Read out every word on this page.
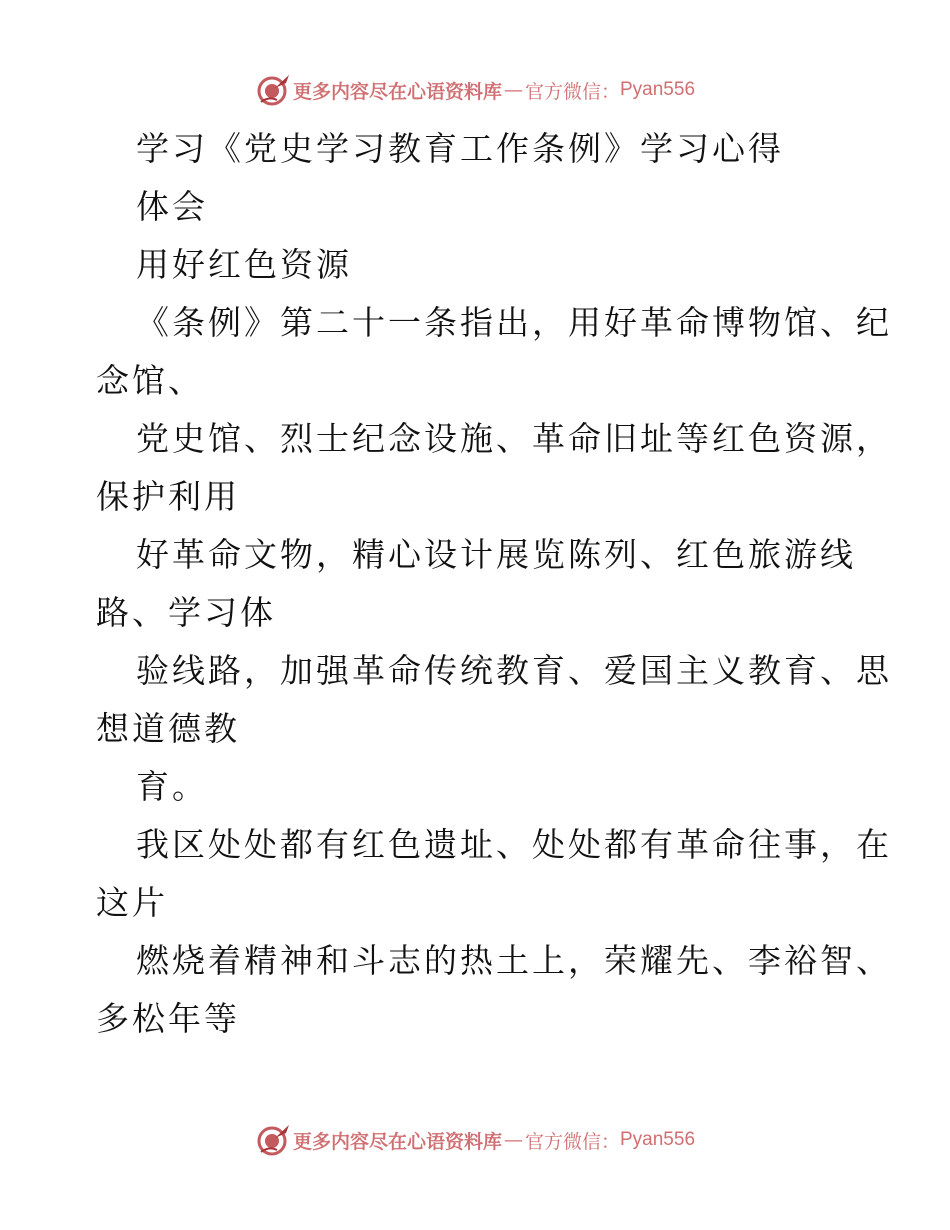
更多内容尽在心语资料库 — 官方微信： Pyan556
学习《党史学习教育工作条例》学习心得
体会
用好红色资源
《条例》第二十一条指出，用好革命博物馆、纪
念馆、
党史馆、烈士纪念设施、革命旧址等红色资源，
保护利用
好革命文物，精心设计展览陈列、红色旅游线
路、学习体
验线路，加强革命传统教育、爱国主义教育、思
想道德教
育。
我区处处都有红色遗址、处处都有革命往事，在
这片
燃烧着精神和斗志的热土上，荣耀先、李裕智、
多松年等
更多内容尽在心语资料库 — 官方微信： Pyan556
